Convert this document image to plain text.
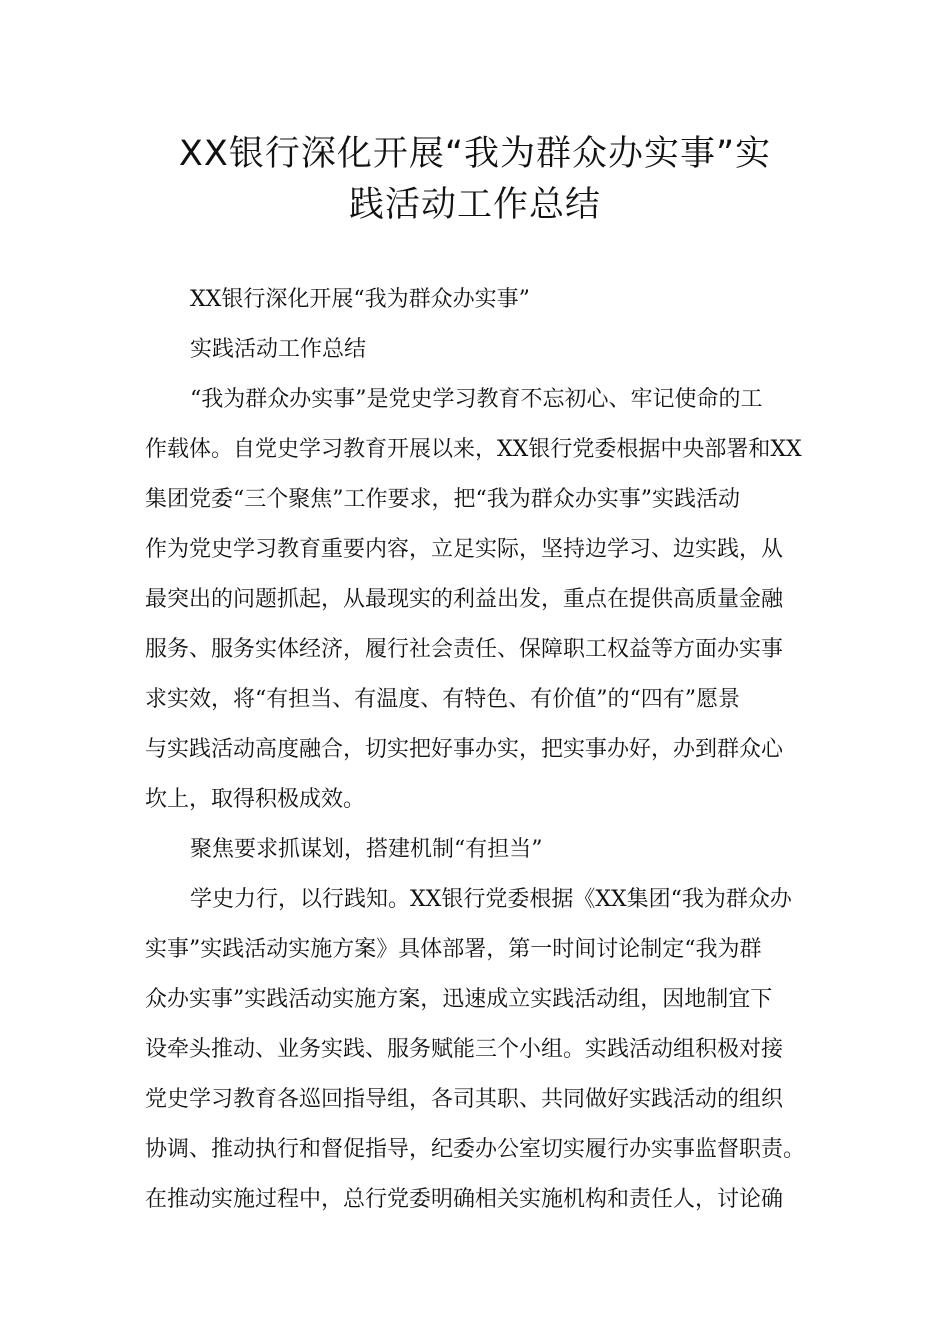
XX银行深化开展“我为群众办实事”实
践活动工作总结

XX银行深化开展“我为群众办实事”

实践活动工作总结

“我为群众办实事”是党史学习教育不忘初心、牢记使命的工

作载体。自党史学习教育开展以来，XX银行党委根据中央部署和XX

集团党委“三个聚焦”工作要求，把“我为群众办实事”实践活动

作为党史学习教育重要内容，立足实际，坚持边学习、边实践，从

最突出的问题抓起，从最现实的利益出发，重点在提供高质量金融

服务、服务实体经济，履行社会责任、保障职工权益等方面办实事

求实效，将“有担当、有温度、有特色、有价值”的“四有”愿景

与实践活动高度融合，切实把好事办实，把实事办好，办到群众心

坎上，取得积极成效。

聚焦要求抓谋划，搭建机制“有担当”

学史力行，以行践知。XX银行党委根据《XX集团“我为群众办

实事”实践活动实施方案》具体部署，第一时间讨论制定“我为群

众办实事”实践活动实施方案，迅速成立实践活动组，因地制宜下

设牵头推动、业务实践、服务赋能三个小组。实践活动组积极对接

党史学习教育各巡回指导组，各司其职、共同做好实践活动的组织

协调、推动执行和督促指导，纪委办公室切实履行办实事监督职责。

在推动实施过程中，总行党委明确相关实施机构和责任人，讨论确
